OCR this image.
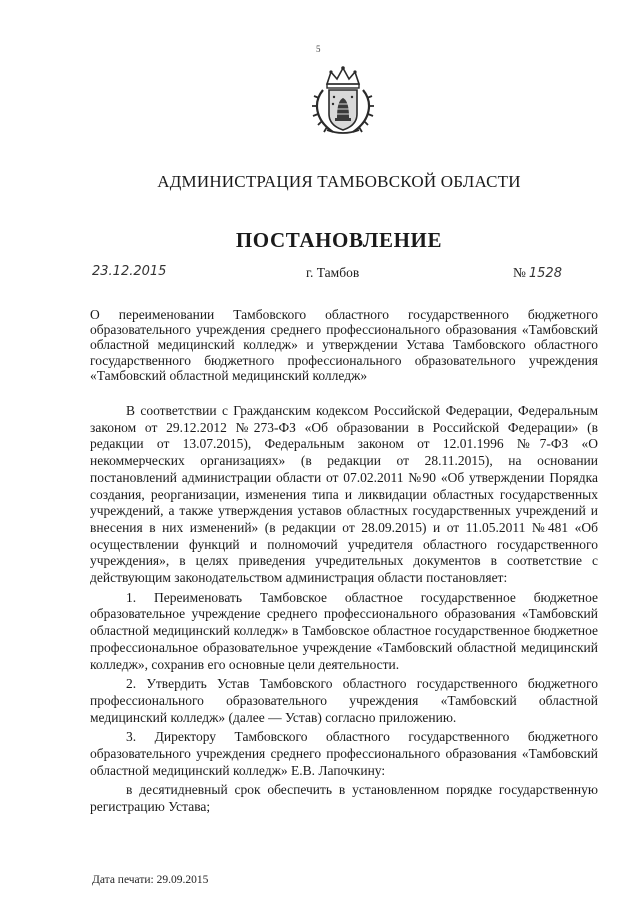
5
АДМИНИСТРАЦИЯ ТАМБОВСКОЙ ОБЛАСТИ
ПОСТАНОВЛЕНИЕ
23.12.2015	г. Тамбов	№ 1528
О переименовании Тамбовского областного государственного бюджетного образовательного учреждения среднего профессионального образования «Тамбовский областной медицинский колледж» и утверждении Устава Тамбовского областного государственного бюджетного профессионального образовательного учреждения «Тамбовский областной медицинский колледж»

В соответствии с Гражданским кодексом Российской Федерации, Федеральным законом от 29.12.2012 №273-ФЗ «Об образовании в Российской Федерации» (в редакции от 13.07.2015), Федеральным законом от 12.01.1996 №7-ФЗ «О некоммерческих организациях» (в редакции от 28.11.2015), на основании постановлений администрации области от 07.02.2011 №90 «Об утверждении Порядка создания, реорганизации, изменения типа и ликвидации областных государственных учреждений, а также утверждения уставов областных государственных учреждений и внесения в них изменений» (в редакции от 28.09.2015) и от 11.05.2011 №481 «Об осуществлении функций и полномочий учредителя областного государственного учреждения», в целях приведения учредительных документов в соответствие с действующим законодательством администрация области постановляет:

1. Переименовать Тамбовское областное государственное бюджетное образовательное учреждение среднего профессионального образования «Тамбовский областной медицинский колледж» в Тамбовское областное государственное бюджетное профессиональное образовательное учреждение «Тамбовский областной медицинский колледж», сохранив его основные цели деятельности.

2. Утвердить Устав Тамбовского областного государственного бюджетного профессионального образовательного учреждения «Тамбовский областной медицинский колледж» (далее — Устав) согласно приложению.

3. Директору Тамбовского областного государственного бюджетного образовательного учреждения среднего профессионального образования «Тамбовский областной медицинский колледж» Е.В. Лапочкину:

в десятидневный срок обеспечить в установленном порядке государственную регистрацию Устава;

Дата печати: 29.09.2015
